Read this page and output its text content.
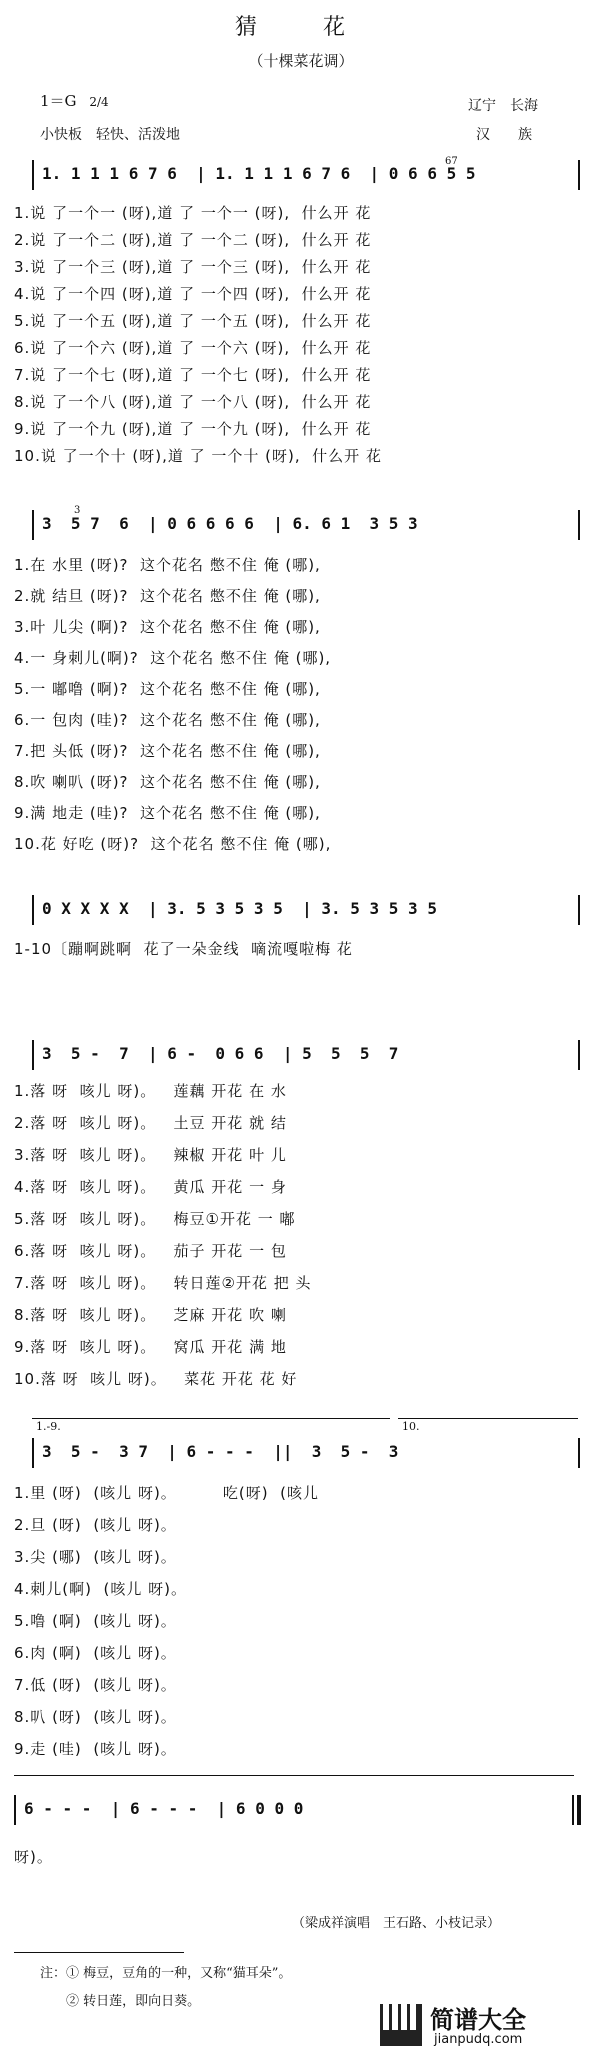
猜　花
（十棵菜花调）
1＝G 2/4
小快板　轻快、活泼地
辽宁　长海
汉　　族
1. 1 1 1 6 7 6  | 1. 1 1 1 6 7 6  | 0 6 6 5 5
67
1.说 了一个一 (呀),道 了 一个一 (呀),  什么开 花
2.说 了一个二 (呀),道 了 一个二 (呀),  什么开 花
3.说 了一个三 (呀),道 了 一个三 (呀),  什么开 花
4.说 了一个四 (呀),道 了 一个四 (呀),  什么开 花
5.说 了一个五 (呀),道 了 一个五 (呀),  什么开 花
6.说 了一个六 (呀),道 了 一个六 (呀),  什么开 花
7.说 了一个七 (呀),道 了 一个七 (呀),  什么开 花
8.说 了一个八 (呀),道 了 一个八 (呀),  什么开 花
9.说 了一个九 (呀),道 了 一个九 (呀),  什么开 花
10.说 了一个十 (呀),道 了 一个十 (呀),  什么开 花
3  5 7  6  | 0 6 6 6 6  | 6. 6 1  3 5 3
3
1.在 水里 (呀)?  这个花名 憋不住 俺 (哪),
2.就 结旦 (呀)?  这个花名 憋不住 俺 (哪),
3.叶 儿尖 (啊)?  这个花名 憋不住 俺 (哪),
4.一 身刺儿(啊)?  这个花名 憋不住 俺 (哪),
5.一 嘟噜 (啊)?  这个花名 憋不住 俺 (哪),
6.一 包肉 (哇)?  这个花名 憋不住 俺 (哪),
7.把 头低 (呀)?  这个花名 憋不住 俺 (哪),
8.吹 喇叭 (呀)?  这个花名 憋不住 俺 (哪),
9.满 地走 (哇)?  这个花名 憋不住 俺 (哪),
10.花 好吃 (呀)?  这个花名 憋不住 俺 (哪),
0 X X X X  | 3. 5 3 5 3 5  | 3. 5 3 5 3 5
1-10〔蹦啊跳啊  花了一朵金线  嘀流嘎啦梅 花
3  5 -  7  | 6 -  0 6 6  | 5  5  5  7
1.落 呀  咳儿 呀)。   莲藕 开花 在 水
2.落 呀  咳儿 呀)。   土豆 开花 就 结
3.落 呀  咳儿 呀)。   辣椒 开花 叶 儿
4.落 呀  咳儿 呀)。   黄瓜 开花 一 身
5.落 呀  咳儿 呀)。   梅豆①开花 一 嘟
6.落 呀  咳儿 呀)。   茄子 开花 一 包
7.落 呀  咳儿 呀)。   转日莲②开花 把 头
8.落 呀  咳儿 呀)。   芝麻 开花 吹 喇
9.落 呀  咳儿 呀)。   窝瓜 开花 满 地
10.落 呀  咳儿 呀)。   菜花 开花 花 好
1.-9.	10.
3  5 -  3 7  | 6 - - -  ||  3  5 -  3
1.里 (呀)  (咳儿 呀)。        吃(呀)  (咳儿
2.旦 (呀)  (咳儿 呀)。
3.尖 (哪)  (咳儿 呀)。
4.刺儿(啊)  (咳儿 呀)。
5.噜 (啊)  (咳儿 呀)。
6.肉 (啊)  (咳儿 呀)。
7.低 (呀)  (咳儿 呀)。
8.叭 (呀)  (咳儿 呀)。
9.走 (哇)  (咳儿 呀)。
6 - - -  | 6 - - -  | 6 0 0 0
呀)。
（梁成祥演唱　王石路、小枝记录）
注：① 梅豆，豆角的一种，又称“猫耳朵”。
　　② 转日莲，即向日葵。
简谱大全
jianpudq.com
